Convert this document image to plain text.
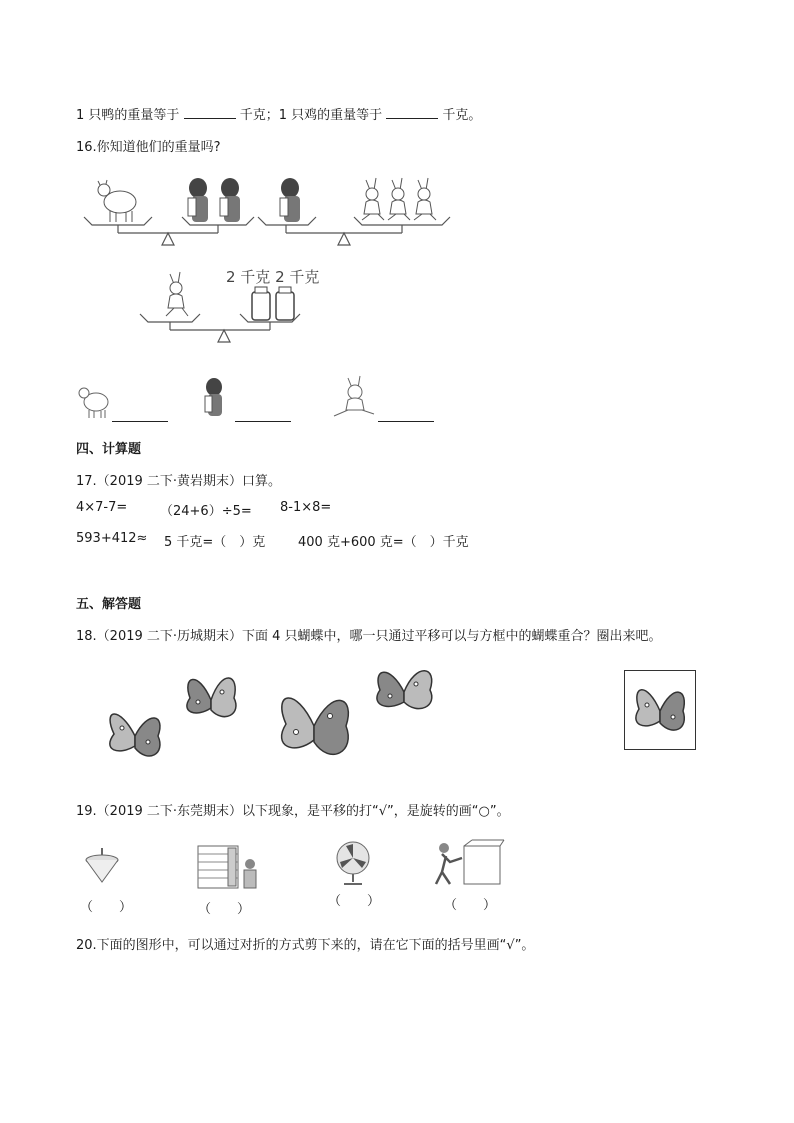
1 只鸭的重量等于	千克；1 只鸡的重量等于	千克。
16.你知道他们的重量吗?
2 千克 2 千克
四、计算题
17.（2019 二下·黄岩期末）口算。
4×7-7=	（24+6）÷5= 8-1×8=
593+412≈ 5 千克=（　）克	400 克+600 克=（　）千克
五、解答题
18.（2019 二下·历城期末）下面 4 只蝴蝶中，哪一只通过平移可以与方框中的蝴蝶重合？圈出来吧。
19.（2019 二下·东莞期末）以下现象，是平移的打“√”，是旋转的画“○”。
（　　）	（　　）
（　　）	（　　）
20.下面的图形中，可以通过对折的方式剪下来的，请在它下面的括号里画“√”。
